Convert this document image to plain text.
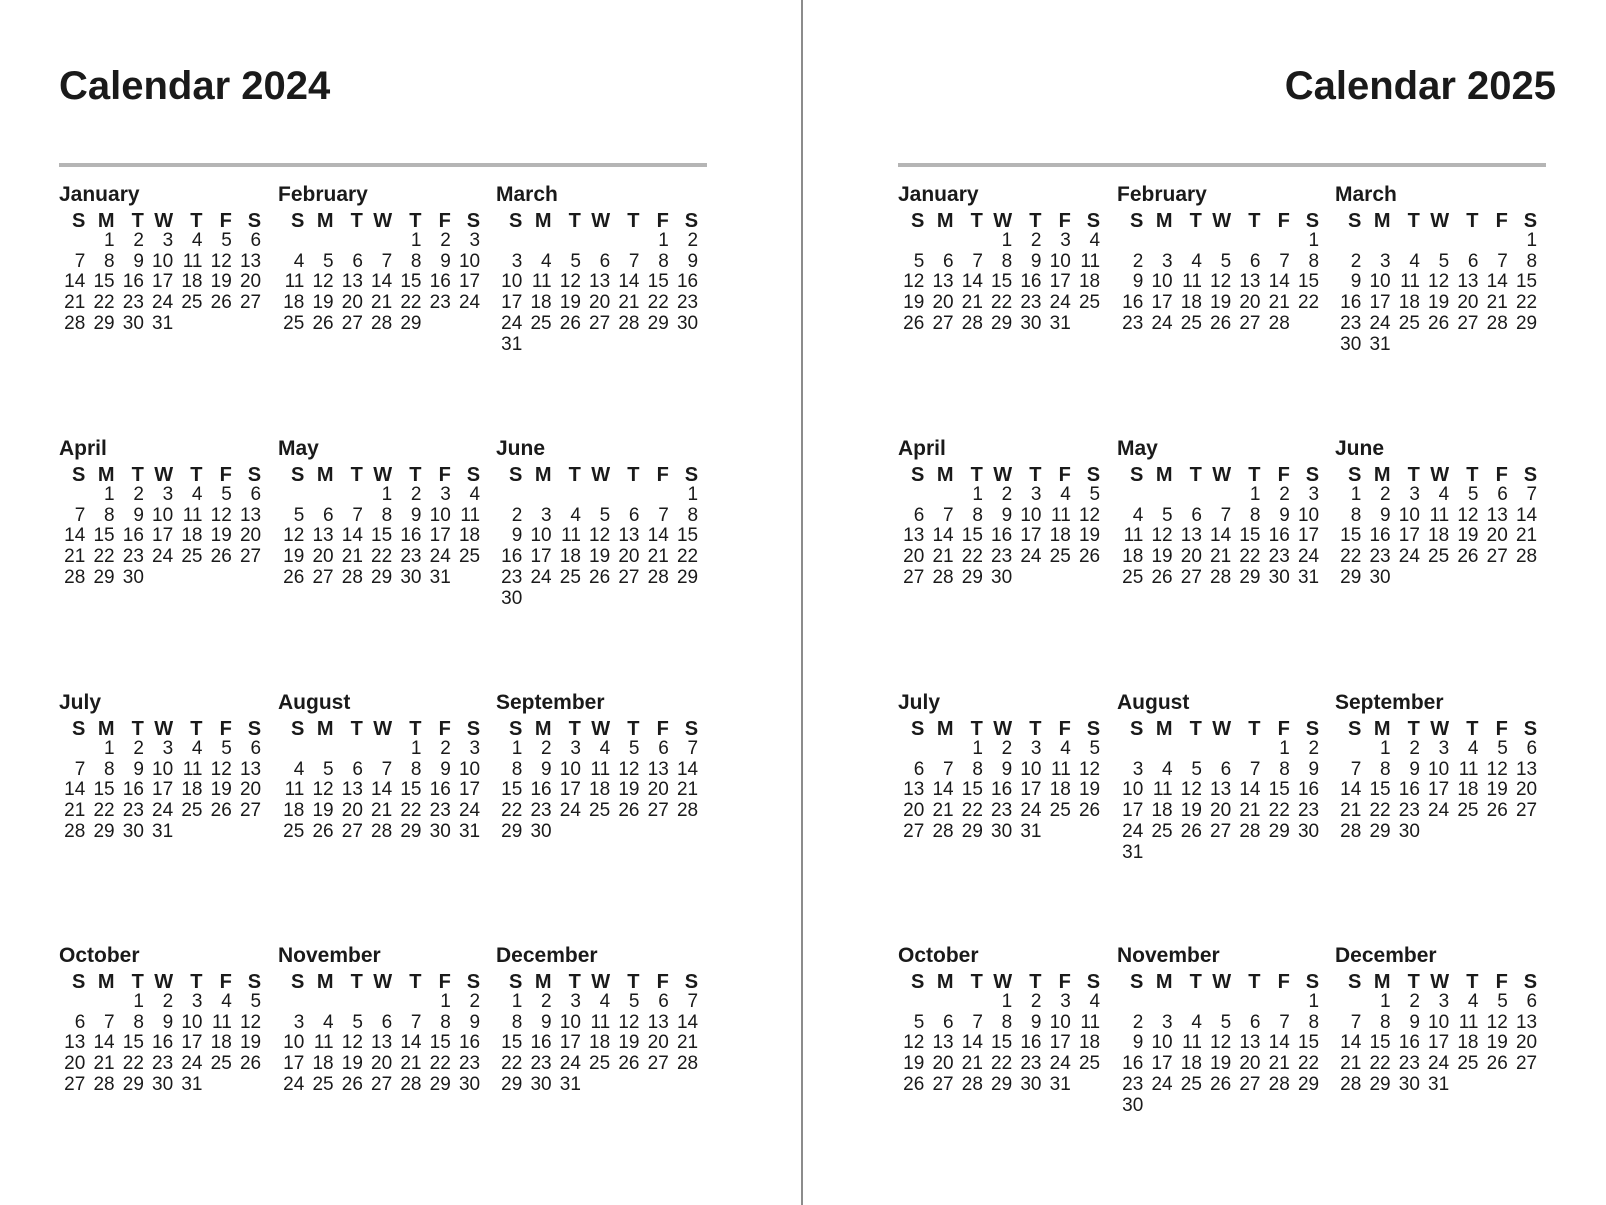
Calendar 2024
January
S M T W T F S
1 2 3 4 5 6
7 8 9 10 11 12 13
14 15 16 17 18 19 20
21 22 23 24 25 26 27
28 29 30 31
February
S M T W T F S
1 2 3
4 5 6 7 8 9 10
11 12 13 14 15 16 17
18 19 20 21 22 23 24
25 26 27 28 29
March
S M T W T F S
1 2
3 4 5 6 7 8 9
10 11 12 13 14 15 16
17 18 19 20 21 22 23
24 25 26 27 28 29 30
31
April
S M T W T F S
1 2 3 4 5 6
7 8 9 10 11 12 13
14 15 16 17 18 19 20
21 22 23 24 25 26 27
28 29 30
May
S M T W T F S
1 2 3 4
5 6 7 8 9 10 11
12 13 14 15 16 17 18
19 20 21 22 23 24 25
26 27 28 29 30 31
June
S M T W T F S
1
2 3 4 5 6 7 8
9 10 11 12 13 14 15
16 17 18 19 20 21 22
23 24 25 26 27 28 29
30
July
S M T W T F S
1 2 3 4 5 6
7 8 9 10 11 12 13
14 15 16 17 18 19 20
21 22 23 24 25 26 27
28 29 30 31
August
S M T W T F S
1 2 3
4 5 6 7 8 9 10
11 12 13 14 15 16 17
18 19 20 21 22 23 24
25 26 27 28 29 30 31
September
S M T W T F S
1 2 3 4 5 6 7
8 9 10 11 12 13 14
15 16 17 18 19 20 21
22 23 24 25 26 27 28
29 30
October
S M T W T F S
1 2 3 4 5
6 7 8 9 10 11 12
13 14 15 16 17 18 19
20 21 22 23 24 25 26
27 28 29 30 31
November
S M T W T F S
1 2
3 4 5 6 7 8 9
10 11 12 13 14 15 16
17 18 19 20 21 22 23
24 25 26 27 28 29 30
December
S M T W T F S
1 2 3 4 5 6 7
8 9 10 11 12 13 14
15 16 17 18 19 20 21
22 23 24 25 26 27 28
29 30 31
Calendar 2025
January
S M T W T F S
1 2 3 4
5 6 7 8 9 10 11
12 13 14 15 16 17 18
19 20 21 22 23 24 25
26 27 28 29 30 31
February
S M T W T F S
1
2 3 4 5 6 7 8
9 10 11 12 13 14 15
16 17 18 19 20 21 22
23 24 25 26 27 28
March
S M T W T F S
1
2 3 4 5 6 7 8
9 10 11 12 13 14 15
16 17 18 19 20 21 22
23 24 25 26 27 28 29
30 31
April
S M T W T F S
1 2 3 4 5
6 7 8 9 10 11 12
13 14 15 16 17 18 19
20 21 22 23 24 25 26
27 28 29 30
May
S M T W T F S
1 2 3
4 5 6 7 8 9 10
11 12 13 14 15 16 17
18 19 20 21 22 23 24
25 26 27 28 29 30 31
June
S M T W T F S
1 2 3 4 5 6 7
8 9 10 11 12 13 14
15 16 17 18 19 20 21
22 23 24 25 26 27 28
29 30
July
S M T W T F S
1 2 3 4 5
6 7 8 9 10 11 12
13 14 15 16 17 18 19
20 21 22 23 24 25 26
27 28 29 30 31
August
S M T W T F S
1 2
3 4 5 6 7 8 9
10 11 12 13 14 15 16
17 18 19 20 21 22 23
24 25 26 27 28 29 30
31
September
S M T W T F S
1 2 3 4 5 6
7 8 9 10 11 12 13
14 15 16 17 18 19 20
21 22 23 24 25 26 27
28 29 30
October
S M T W T F S
1 2 3 4
5 6 7 8 9 10 11
12 13 14 15 16 17 18
19 20 21 22 23 24 25
26 27 28 29 30 31
November
S M T W T F S
1
2 3 4 5 6 7 8
9 10 11 12 13 14 15
16 17 18 19 20 21 22
23 24 25 26 27 28 29
30
December
S M T W T F S
1 2 3 4 5 6
7 8 9 10 11 12 13
14 15 16 17 18 19 20
21 22 23 24 25 26 27
28 29 30 31
